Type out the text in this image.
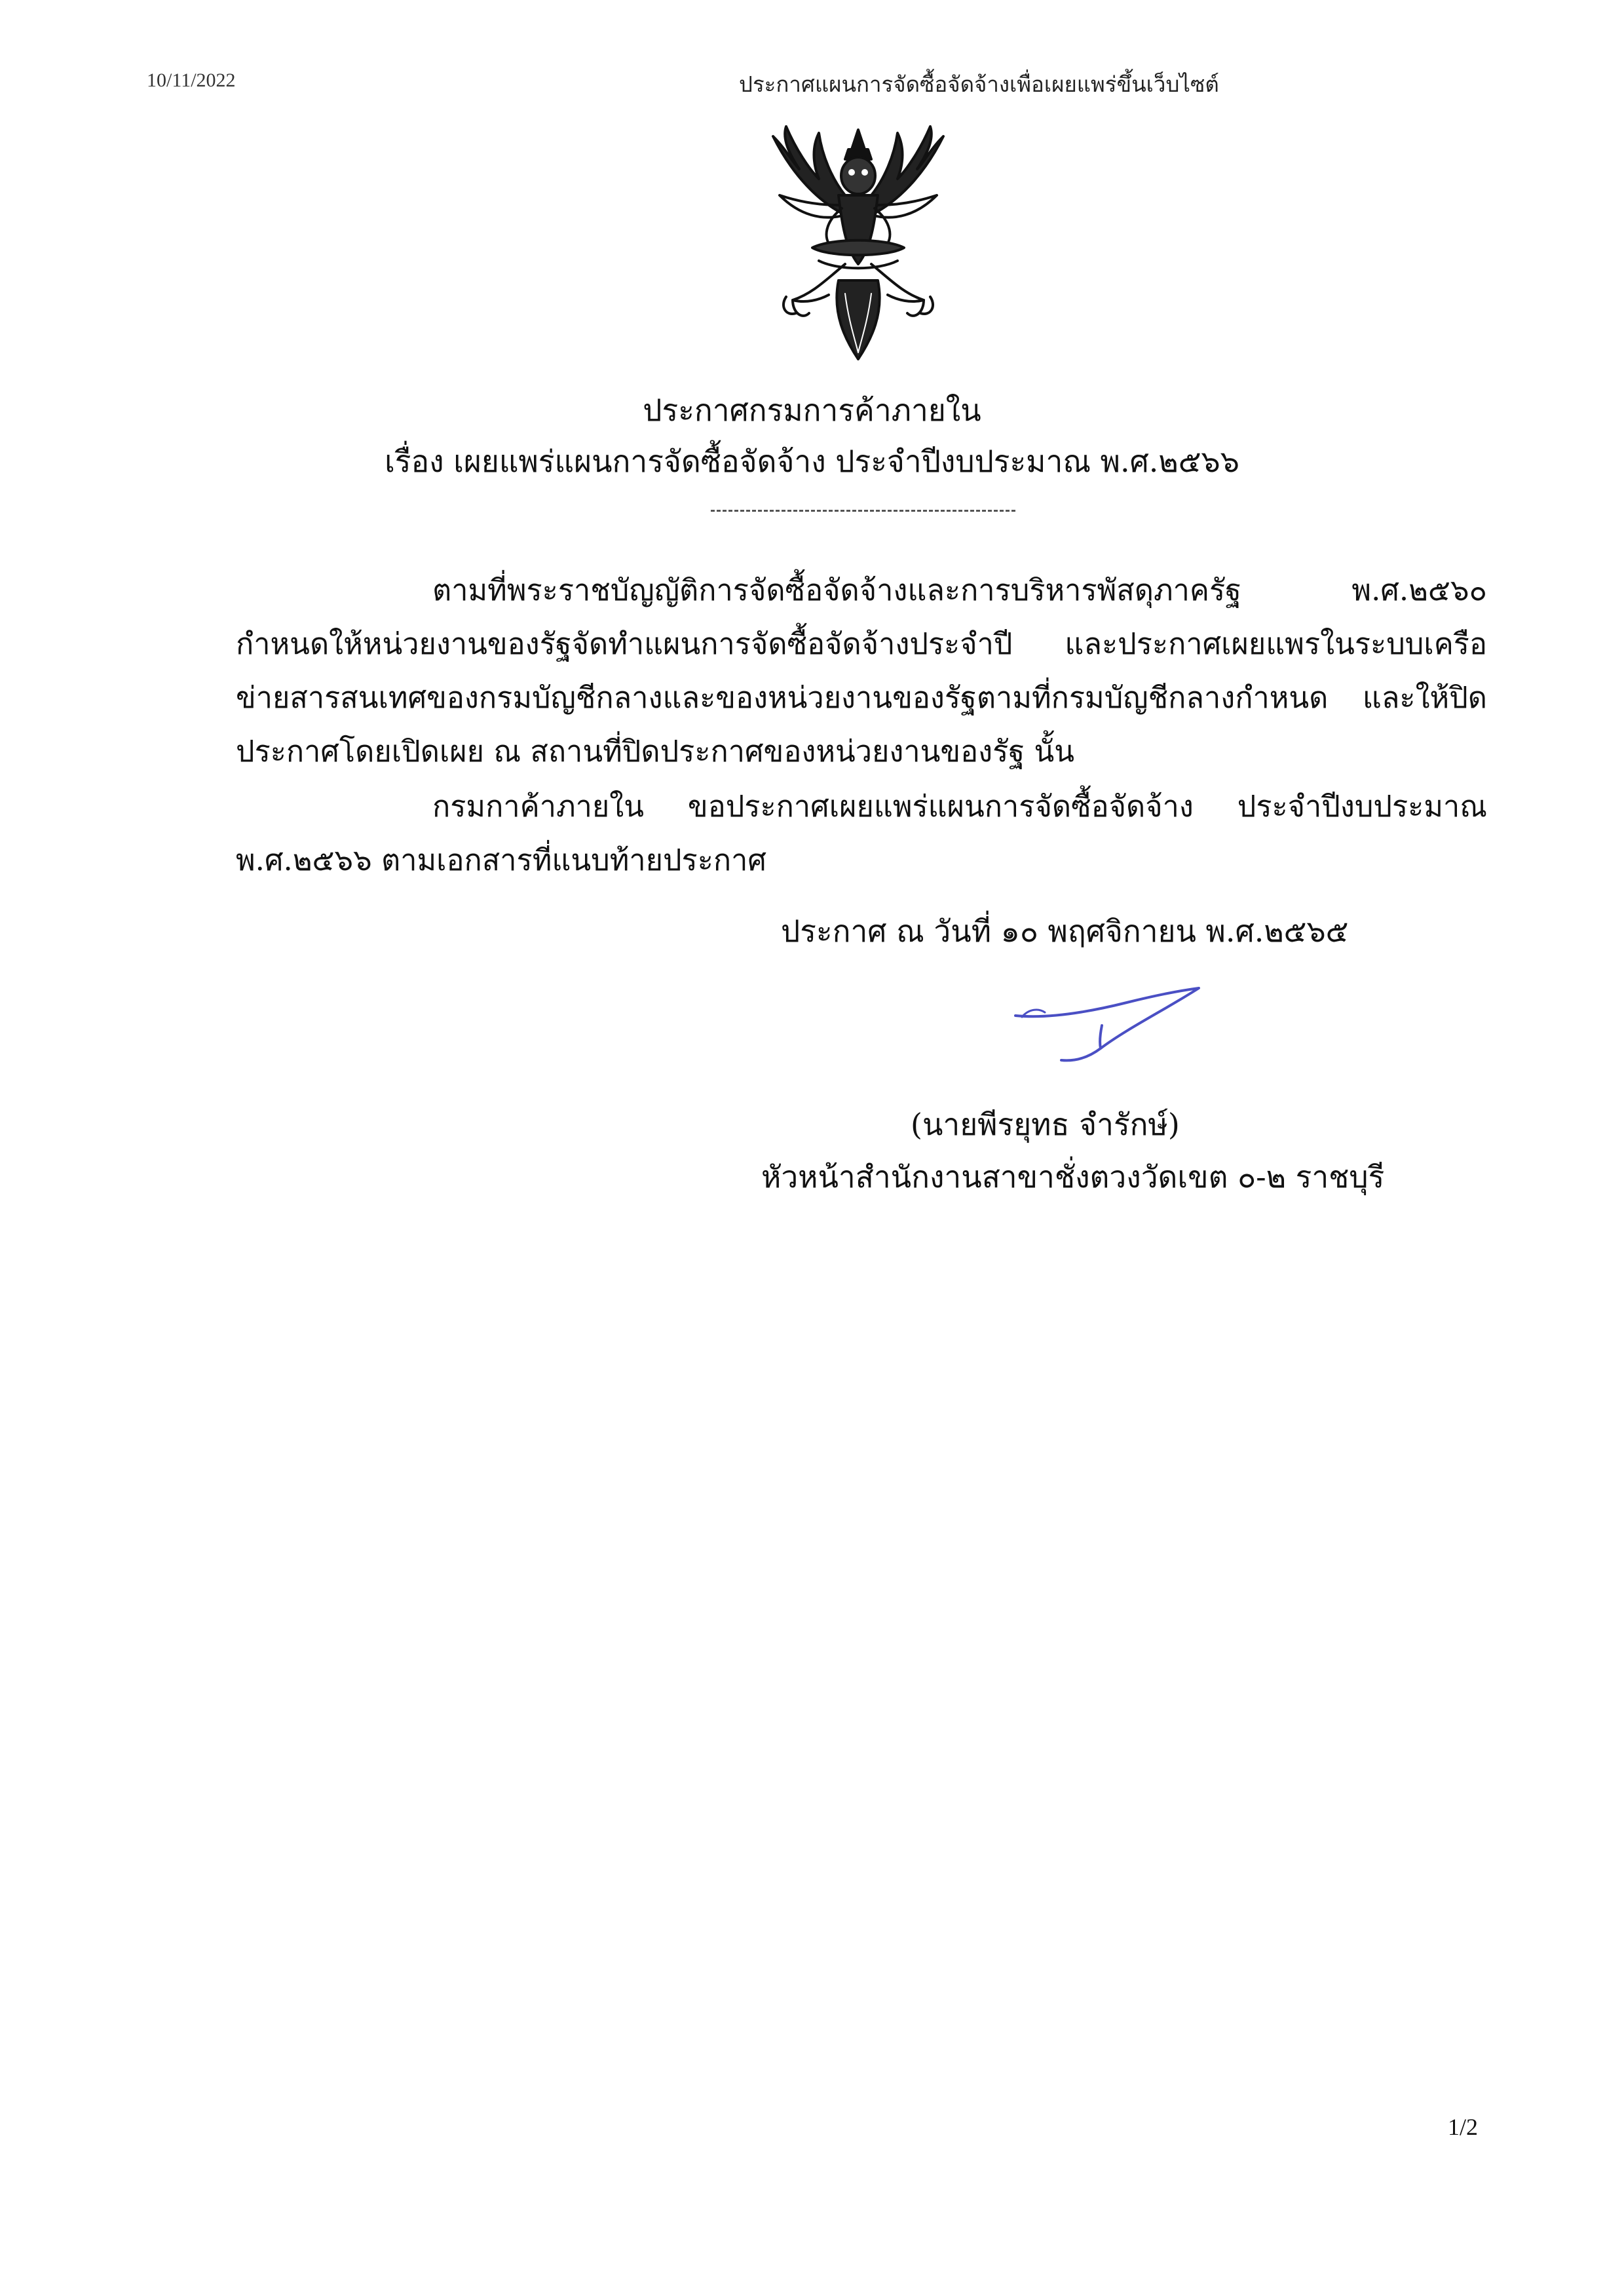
10/11/2022	ประกาศแผนการจัดซื้อจัดจ้างเพื่อเผยแพร่ขึ้นเว็บไซต์
ประกาศกรมการค้าภายใน
เรื่อง เผยแพร่แผนการจัดซื้อจัดจ้าง ประจำปีงบประมาณ พ.ศ.๒๕๖๖
ตามที่พระราชบัญญัติการจัดซื้อจัดจ้างและการบริหารพัสดุภาครัฐ พ.ศ.๒๕๖๐ กำหนดให้หน่วยงานของรัฐจัดทำแผนการจัดซื้อจัดจ้างประจำปี และประกาศเผยแพรในระบบเครือข่ายสารสนเทศของกรมบัญชีกลางและของหน่วยงานของรัฐตามที่กรมบัญชีกลางกำหนด และให้ปิดประกาศโดยเปิดเผย ณ สถานที่ปิดประกาศของหน่วยงานของรัฐ นั้น
กรมกาค้าภายใน ขอประกาศเผยแพร่แผนการจัดซื้อจัดจ้าง ประจำปีงบประมาณ พ.ศ.๒๕๖๖ ตามเอกสารที่แนบท้ายประกาศ
ประกาศ ณ วันที่ ๑๐ พฤศจิกายน พ.ศ.๒๕๖๕
(นายพีรยุทธ จำรักษ์)
หัวหน้าสำนักงานสาขาชั่งตวงวัดเขต ๐-๒ ราชบุรี
1/2
